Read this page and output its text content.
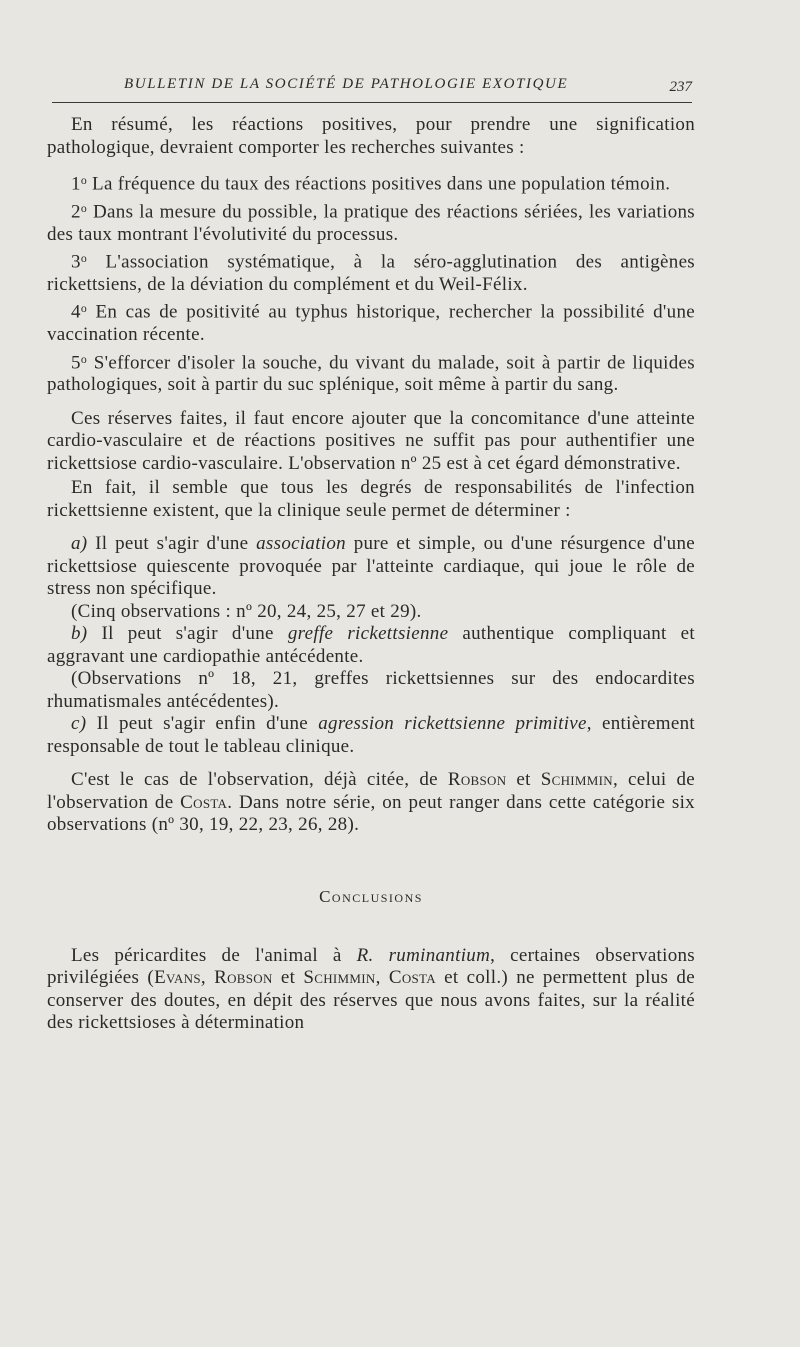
BULLETIN DE LA SOCIÉTÉ DE PATHOLOGIE EXOTIQUE	237

En résumé, les réactions positives, pour prendre une signification pathologique, devraient comporter les recherches suivantes :

1$^o$ La fréquence du taux des réactions positives dans une population témoin.

2$^o$ Dans la mesure du possible, la pratique des réactions sériées, les variations des taux montrant l'évolutivité du processus.

3$^o$ L'association systématique, à la séro-agglutination des antigènes rickettsiens, de la déviation du complément et du Weil-Félix.

4$^o$ En cas de positivité au typhus historique, rechercher la possibilité d'une vaccination récente.

5$^o$ S'efforcer d'isoler la souche, du vivant du malade, soit à partir de liquides pathologiques, soit à partir du suc splénique, soit même à partir du sang.

Ces réserves faites, il faut encore ajouter que la concomitance d'une atteinte cardio-vasculaire et de réactions positives ne suffit pas pour authentifier une rickettsiose cardio-vasculaire. L'observation nº 25 est à cet égard démonstrative.

En fait, il semble que tous les degrés de responsabilités de l'infection rickettsienne existent, que la clinique seule permet de déterminer :

a) Il peut s'agir d'une association pure et simple, ou d'une résurgence d'une rickettsiose quiescente provoquée par l'atteinte cardiaque, qui joue le rôle de stress non spécifique.

(Cinq observations : nº 20, 24, 25, 27 et 29).

b) Il peut s'agir d'une greffe rickettsienne authentique compliquant et aggravant une cardiopathie antécédente.

(Observations nº 18, 21, greffes rickettsiennes sur des endocardites rhumatismales antécédentes).

c) Il peut s'agir enfin d'une agression rickettsienne primitive, entièrement responsable de tout le tableau clinique.

C'est le cas de l'observation, déjà citée, de Robson et Schimmin, celui de l'observation de Costa. Dans notre série, on peut ranger dans cette catégorie six observations (nº 30, 19, 22, 23, 26, 28).

Conclusions

Les péricardites de l'animal à R. ruminantium, certaines observations privilégiées (Evans, Robson et Schimmin, Costa et coll.) ne permettent plus de conserver des doutes, en dépit des réserves que nous avons faites, sur la réalité des rickettsioses à détermination
